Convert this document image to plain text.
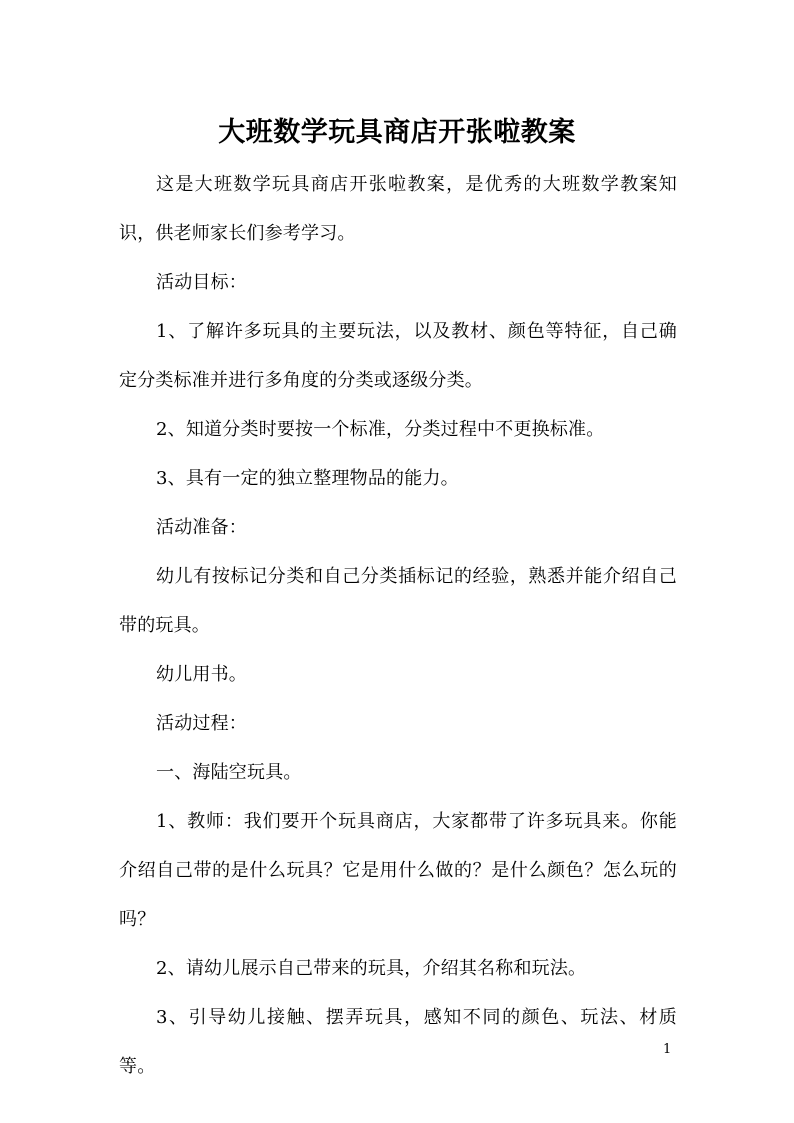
大班数学玩具商店开张啦教案

这是大班数学玩具商店开张啦教案，是优秀的大班数学教案知识，供老师家长们参考学习。

活动目标：

1、了解许多玩具的主要玩法，以及教材、颜色等特征，自己确定分类标准并进行多角度的分类或逐级分类。

2、知道分类时要按一个标准，分类过程中不更换标准。

3、具有一定的独立整理物品的能力。

活动准备：

幼儿有按标记分类和自己分类插标记的经验，熟悉并能介绍自己带的玩具。

幼儿用书。

活动过程：

一、海陆空玩具。

1、教师：我们要开个玩具商店，大家都带了许多玩具来。你能介绍自己带的是什么玩具？它是用什么做的？是什么颜色？怎么玩的吗？

2、请幼儿展示自己带来的玩具，介绍其名称和玩法。

3、引导幼儿接触、摆弄玩具，感知不同的颜色、玩法、材质等。

1
